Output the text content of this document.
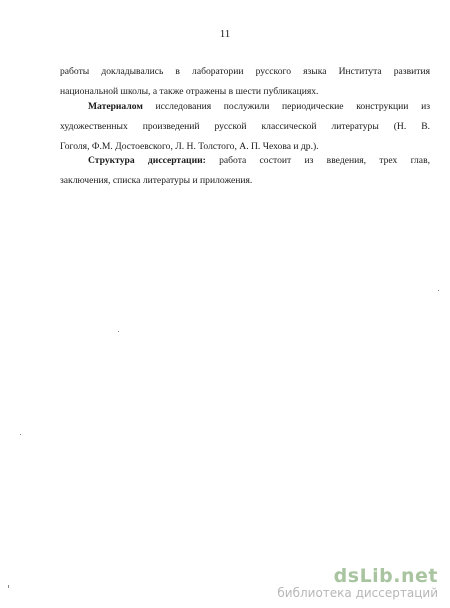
11
работы докладывались в лаборатории русского языка Института развития
национальной школы, а также отражены в шести публикациях.
Материалом исследования послужили периодические конструкции из
художественных произведений русской классической литературы (Н. В.
Гоголя, Ф.М. Достоевского, Л. Н. Толстого, А. П. Чехова и др.).
Структура диссертации: работа состоит из введения, трех глав,
заключения, списка литературы и приложения.
dsLib.net
библиотека диссертаций
